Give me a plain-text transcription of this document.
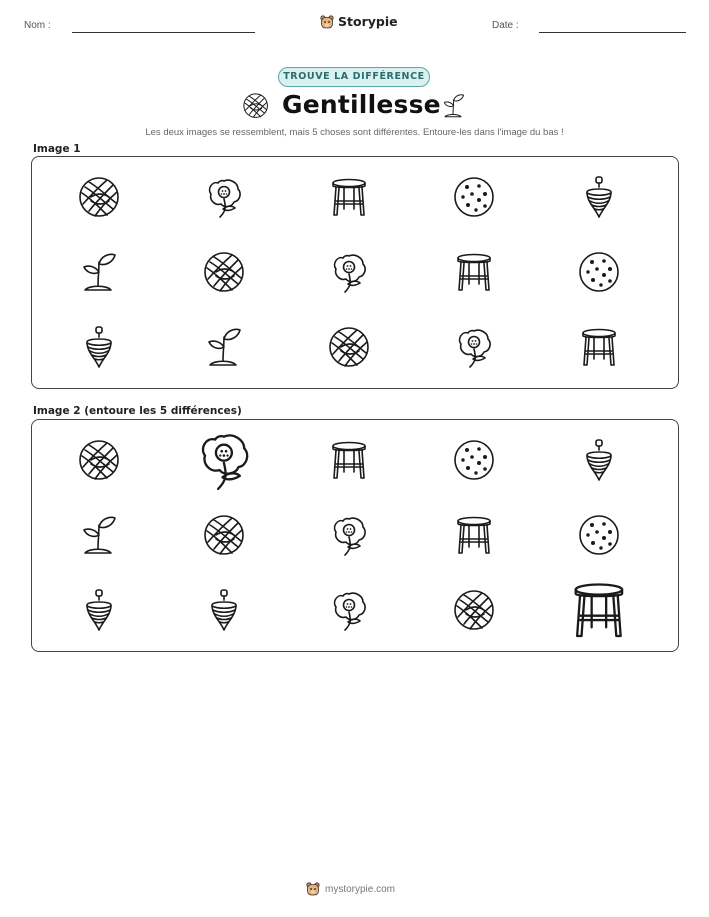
Nom :	Storypie	Date :
TROUVE LA DIFFÉRENCE
Gentillesse
Les deux images se ressemblent, mais 5 choses sont différentes. Entoure-les dans l'image du bas !
Image 1
Image 2 (entoure les 5 différences)
mystorypie.com
